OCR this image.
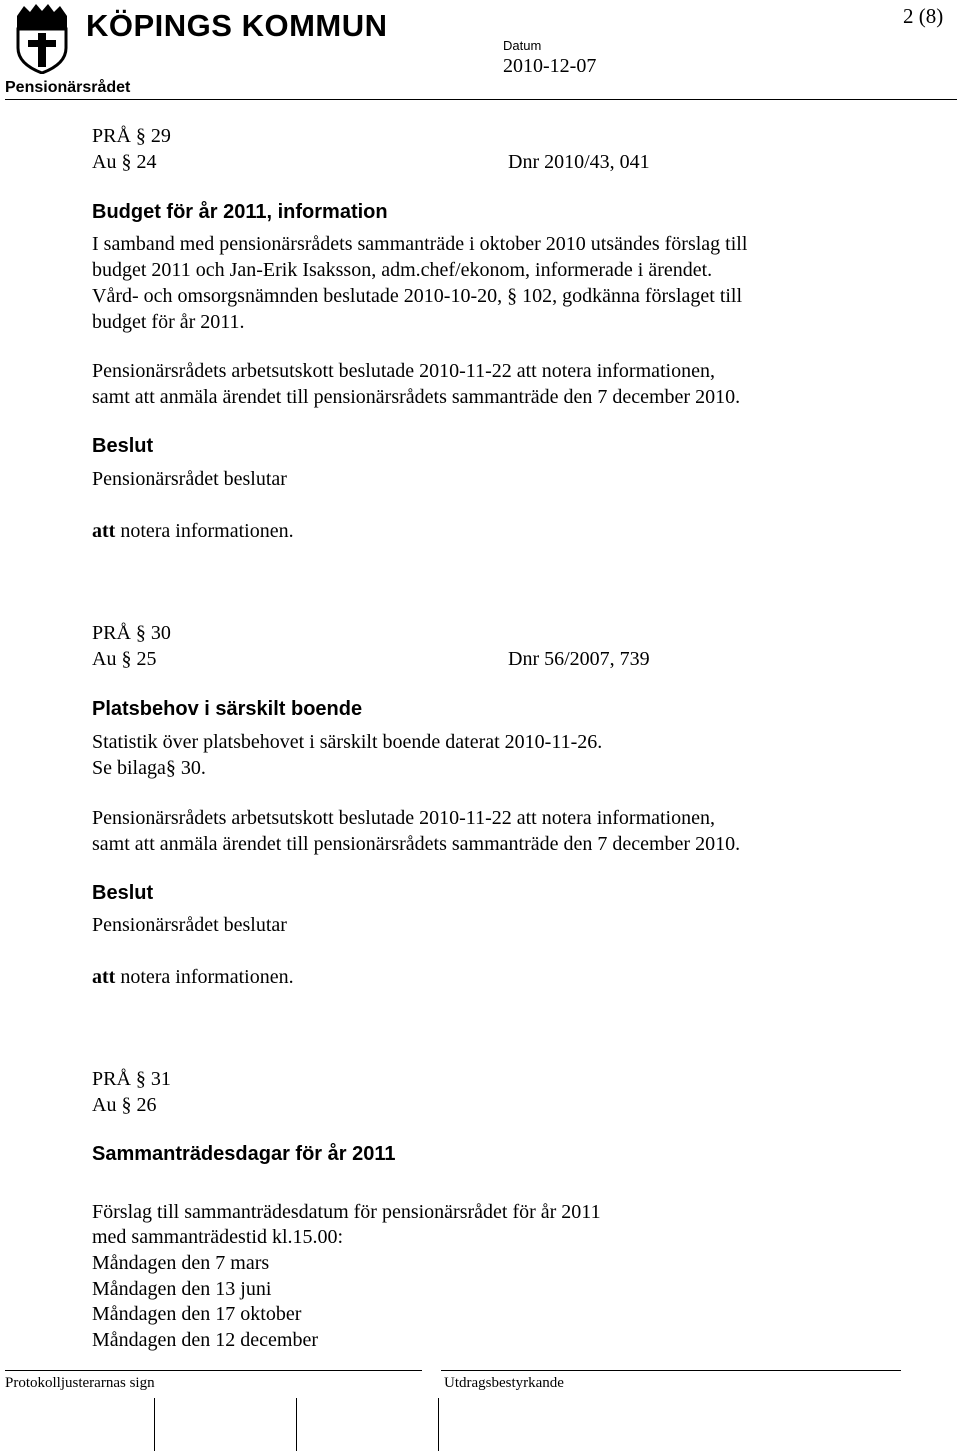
KÖPINGS KOMMUN	2 (8)
Datum
2010-12-07
Pensionärsrådet
PRÅ § 29
Au § 24	Dnr 2010/43, 041
Budget för år 2011, information
I samband med pensionärsrådets sammanträde i oktober 2010 utsändes förslag till
budget 2011 och Jan-Erik Isaksson, adm.chef/ekonom, informerade i ärendet.
Vård- och omsorgsnämnden beslutade 2010-10-20, § 102, godkänna förslaget till
budget för år 2011.
Pensionärsrådets arbetsutskott beslutade 2010-11-22 att notera informationen,
samt att anmäla ärendet till pensionärsrådets sammanträde den 7 december 2010.
Beslut
Pensionärsrådet beslutar
att notera informationen.
PRÅ § 30
Au § 25	Dnr 56/2007, 739
Platsbehov i särskilt boende
Statistik över platsbehovet i särskilt boende daterat 2010-11-26.
Se bilaga§ 30.
Pensionärsrådets arbetsutskott beslutade 2010-11-22 att notera informationen,
samt att anmäla ärendet till pensionärsrådets sammanträde den 7 december 2010.
Beslut
Pensionärsrådet beslutar
att notera informationen.
PRÅ § 31
Au § 26
Sammanträdesdagar för år 2011
Förslag till sammanträdesdatum för pensionärsrådet för år 2011
med sammanträdestid kl.15.00:
Måndagen den 7 mars
Måndagen den 13 juni
Måndagen den 17 oktober
Måndagen den 12 december
Protokolljusterarnas sign	Utdragsbestyrkande
